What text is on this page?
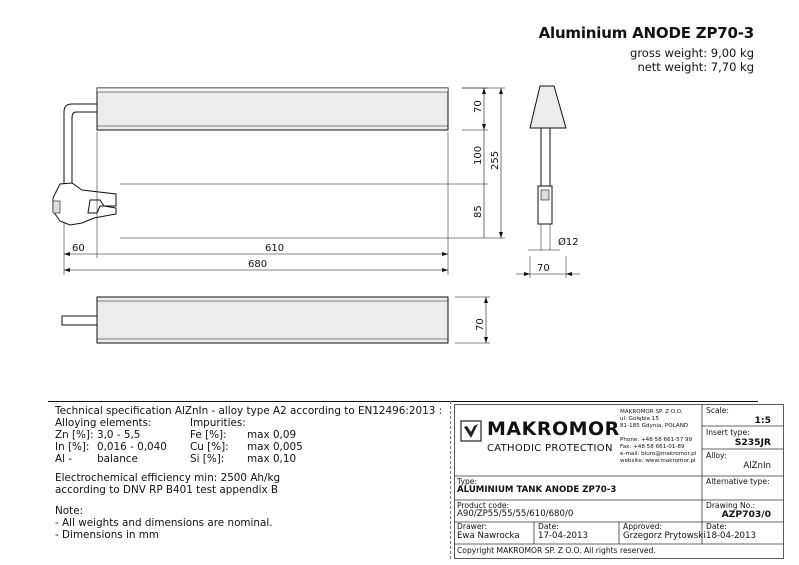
Aluminium ANODE ZP70-3
gross weight: 9,00 kg
nett weight: 7,70 kg
70
100 255
85
60	610
680
Ø12
70
70
Technical specification AlZnIn - alloy type A2 according to EN12496:2013 :
Alloying elements:	Impurities:
Zn [%]: 3,0 - 5,5	Fe [%]: max 0,09
In [%]: 0,016 - 0,040 Cu [%]: max 0,005
Al - balance	Si [%]: max 0,10
Electrochemical efficiency min: 2500 Ah/kg
according to DNV RP B401 test appendix B
Note:
- All weights and dimensions are nominal.
- Dimensions in mm
MAKROMOR
CATHODIC PROTECTION
MAKROMOR SP. Z O.O.
ul. Gołębia 15
81-185 Gdynia, POLAND
Phone: +48 58 661-57 99
Fax: +48 58 661-01-89
e-mail: biuro@makromor.pl
website: www.makromor.pl
Scale:
1:5
Insert type:
S235JR
Alloy:
AlZnIn
Type:
ALUMINIUM TANK ANODE ZP70-3
Alternative type:
Product code:
A90/ZP55/55/55/610/680/0
Drawing No.:
AZP703/0
Drawer:
Ewa Nawrocka
Date:
17-04-2013
Approved:
Grzegorz Prytowski
Date:
18-04-2013
Copyright MAKROMOR SP. Z O.O. All rights reserved.
